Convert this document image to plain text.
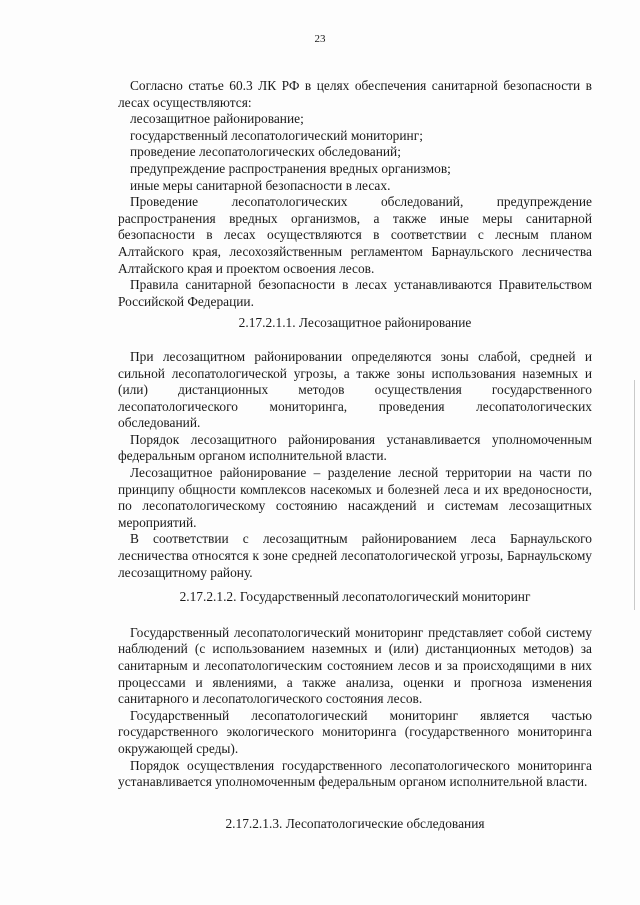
23

Согласно статье 60.3 ЛК РФ в целях обеспечения санитарной безопасности в лесах осуществляются:

лесозащитное районирование;

государственный лесопатологический мониторинг;

проведение лесопатологических обследований;

предупреждение распространения вредных организмов;

иные меры санитарной безопасности в лесах.

Проведение лесопатологических обследований, предупреждение распространения вредных организмов, а также иные меры санитарной безопасности в лесах осуществляются в соответствии с лесным планом Алтайского края, лесохозяйственным регламентом Барнаульского лесничества Алтайского края и проектом освоения лесов.

Правила санитарной безопасности в лесах устанавливаются Правительством Российской Федерации.

2.17.2.1.1. Лесозащитное районирование

При лесозащитном районировании определяются зоны слабой, средней и сильной лесопатологической угрозы, а также зоны использования наземных и (или) дистанционных методов осуществления государственного лесопатологического мониторинга, проведения лесопатологических обследований.

Порядок лесозащитного районирования устанавливается уполномоченным федеральным органом исполнительной власти.

Лесозащитное районирование – разделение лесной территории на части по принципу общности комплексов насекомых и болезней леса и их вредоносности, по лесопатологическому состоянию насаждений и системам лесозащитных мероприятий.

В соответствии с лесозащитным районированием леса Барнаульского лесничества относятся к зоне средней лесопатологической угрозы, Барнаульскому лесозащитному району.

2.17.2.1.2. Государственный лесопатологический мониторинг

Государственный лесопатологический мониторинг представляет собой систему наблюдений (с использованием наземных и (или) дистанционных методов) за санитарным и лесопатологическим состоянием лесов и за происходящими в них процессами и явлениями, а также анализа, оценки и прогноза изменения санитарного и лесопатологического состояния лесов.

Государственный лесопатологический мониторинг является частью государственного экологического мониторинга (государственного мониторинга окружающей среды).

Порядок осуществления государственного лесопатологического мониторинга устанавливается уполномоченным федеральным органом исполнительной власти.

2.17.2.1.3. Лесопатологические обследования
